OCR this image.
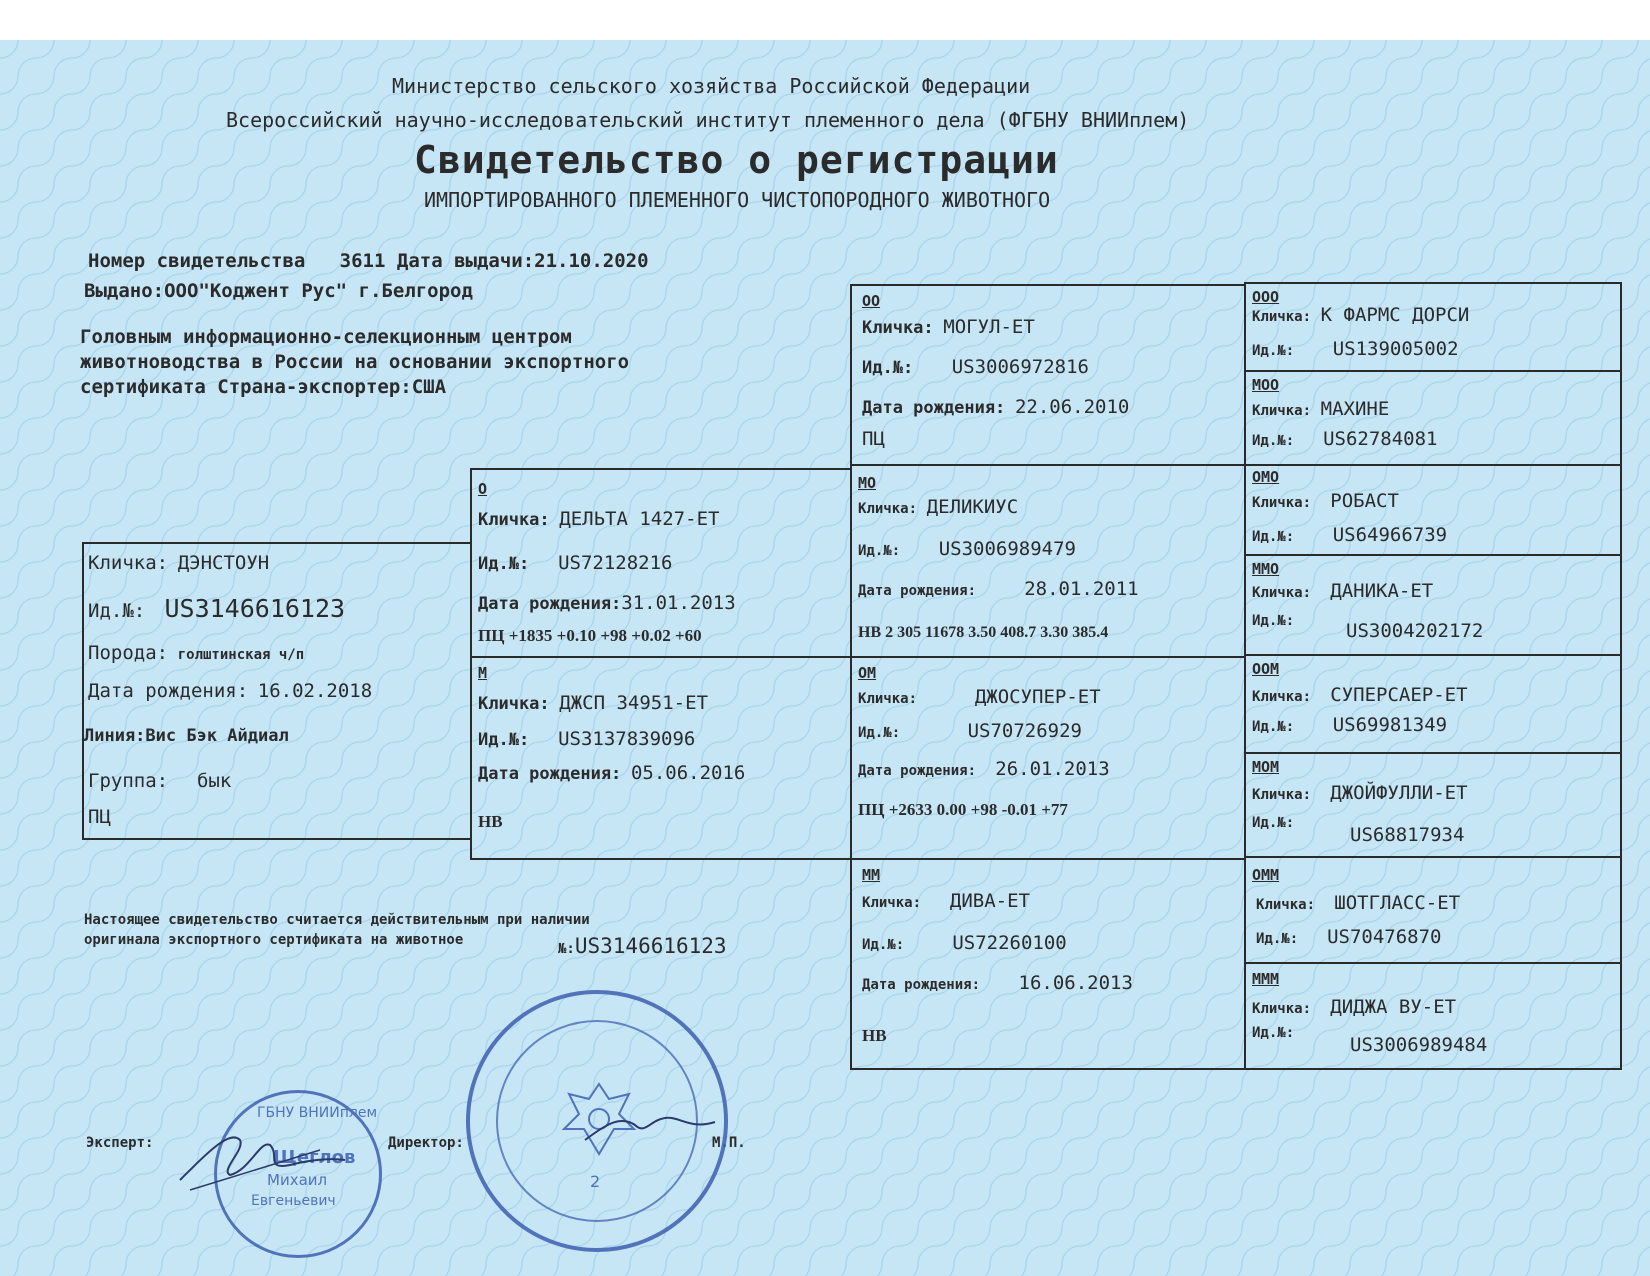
Министерство сельского хозяйства Российской Федерации
Всероссийский научно-исследовательский институт племенного дела (ФГБНУ ВНИИплем)
Свидетельство о регистрации
ИМПОРТИРОВАННОГО ПЛЕМЕННОГО ЧИСТОПОРОДНОГО ЖИВОТНОГО
Номер свидетельства 3611 Дата выдачи:21.10.2020
Выдано:ООО"Коджент Рус" г.Белгород
Головным информационно-селекционным центром
животноводства в России на основании экспортного
сертификата Страна-экспортер:США
Кличка: ДЭНСТОУН
Ид.№: US3146616123
Порода: голштинская ч/п
Дата рождения: 16.02.2018
Линия:Вис Бэк Айдиал
Группа: бык
ПЦ
О
Кличка: ДЕЛЬТА 1427-ЕТ
Ид.№: US72128216
Дата рождения:31.01.2013
ПЦ +1835 +0.10 +98 +0.02 +60
М
Кличка: ДЖСП 34951-ЕТ
Ид.№: US3137839096
Дата рождения: 05.06.2016
НВ
ОО
Кличка: МОГУЛ-ЕТ
Ид.№: US3006972816
Дата рождения: 22.06.2010
ПЦ
МО
Кличка: ДЕЛИКИУС
Ид.№: US3006989479
Дата рождения:	28.01.2011
НВ 2 305 11678 3.50 408.7 3.30 385.4
ОМ
Кличка:	ДЖОСУПЕР-ЕТ
Ид.№:	US70726929
Дата рождения: 26.01.2013
ПЦ +2633 0.00 +98 -0.01 +77
ММ
Кличка: ДИВА-ЕТ
Ид.№:	US72260100
Дата рождения: 16.06.2013
НВ
ООО
Кличка: К ФАРМС ДОРСИ
Ид.№: US139005002
МОО
Кличка: МАХИНЕ
Ид.№: US62784081
ОМО
Кличка: РОБАСТ
Ид.№: US64966739
ММО
Кличка: ДАНИКА-ЕТ
Ид.№:	US3004202172
ООМ
Кличка: СУПЕРСАЕР-ЕТ
Ид.№: US69981349
МОМ
Кличка: ДЖОЙФУЛЛИ-ЕТ
Ид.№:
US68817934
ОММ
Кличка: ШОТГЛАСС-ЕТ
Ид.№: US70476870
МММ
Кличка: ДИДЖА ВУ-ЕТ
Ид.№:
US3006989484
Настоящее свидетельство считается действительным при наличии
оригинала экспортного сертификата на животное
№:US3146616123
Эксперт:	Директор:	М.П.
ГБНУ ВНИИплем
Щеглов
Михаил
Евгеньевич
2
